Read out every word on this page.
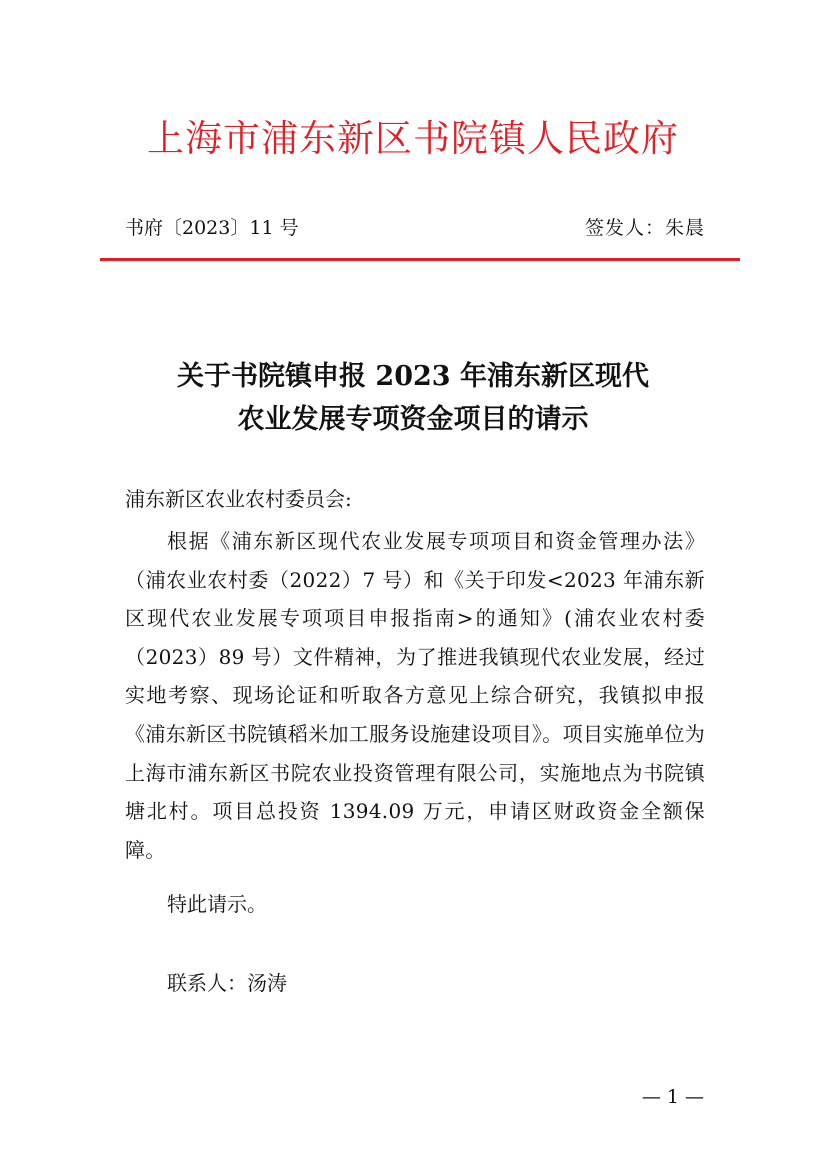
上海市浦东新区书院镇人民政府
书府〔2023〕11 号	签发人：朱晨
关于书院镇申报 2023 年浦东新区现代
农业发展专项资金项目的请示
浦东新区农业农村委员会:
根据《浦东新区现代农业发展专项项目和资金管理办法》（浦农业农村委（2022）7 号）和《关于印发<2023 年浦东新区现代农业发展专项项目申报指南>的通知》(浦农业农村委（2023）89 号）文件精神，为了推进我镇现代农业发展，经过实地考察、现场论证和听取各方意见上综合研究，我镇拟申报《浦东新区书院镇稻米加工服务设施建设项目》。项目实施单位为上海市浦东新区书院农业投资管理有限公司，实施地点为书院镇塘北村。项目总投资 1394.09 万元，申请区财政资金全额保障。
特此请示。
联系人：汤涛
— 1 —
